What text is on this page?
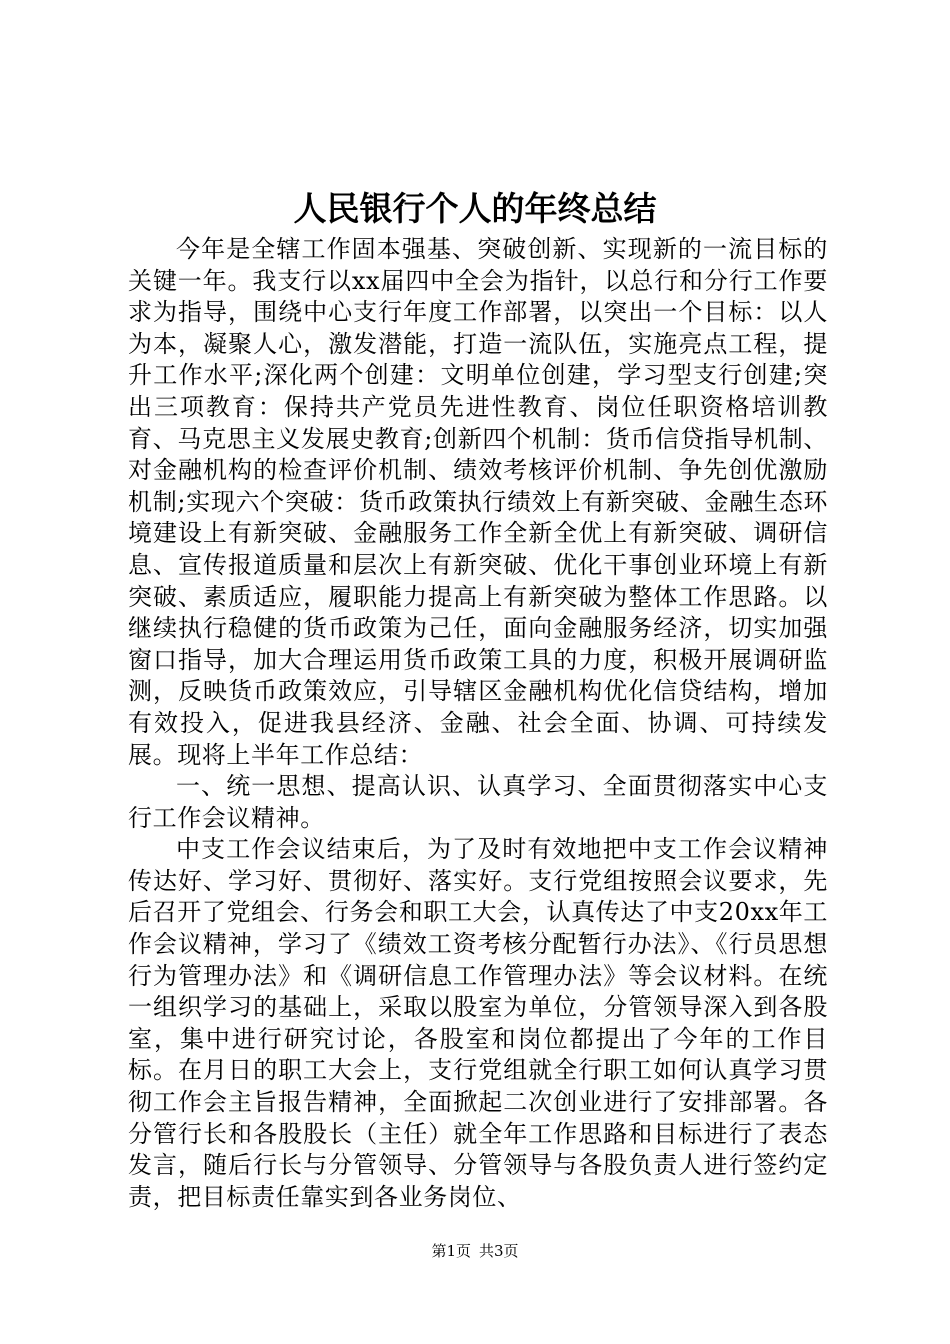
人民银行个人的年终总结

今年是全辖工作固本强基、突破创新、实现新的一流目标的关键一年。我支行以xx届四中全会为指针，以总行和分行工作要求为指导，围绕中心支行年度工作部署，以突出一个目标：以人为本，凝聚人心，激发潜能，打造一流队伍，实施亮点工程，提升工作水平;深化两个创建：文明单位创建，学习型支行创建;突出三项教育：保持共产党员先进性教育、岗位任职资格培训教育、马克思主义发展史教育;创新四个机制：货币信贷指导机制、对金融机构的检查评价机制、绩效考核评价机制、争先创优激励机制;实现六个突破：货币政策执行绩效上有新突破、金融生态环境建设上有新突破、金融服务工作全新全优上有新突破、调研信息、宣传报道质量和层次上有新突破、优化干事创业环境上有新突破、素质适应，履职能力提高上有新突破为整体工作思路。以继续执行稳健的货币政策为己任，面向金融服务经济，切实加强窗口指导，加大合理运用货币政策工具的力度，积极开展调研监测，反映货币政策效应，引导辖区金融机构优化信贷结构，增加有效投入，促进我县经济、金融、社会全面、协调、可持续发展。现将上半年工作总结：

一、统一思想、提高认识、认真学习、全面贯彻落实中心支行工作会议精神。

中支工作会议结束后，为了及时有效地把中支工作会议精神传达好、学习好、贯彻好、落实好。支行党组按照会议要求，先后召开了党组会、行务会和职工大会，认真传达了中支20xx年工作会议精神，学习了《绩效工资考核分配暂行办法》、《行员思想行为管理办法》和《调研信息工作管理办法》等会议材料。在统一组织学习的基础上，采取以股室为单位，分管领导深入到各股室，集中进行研究讨论，各股室和岗位都提出了今年的工作目标。在月日的职工大会上，支行党组就全行职工如何认真学习贯彻工作会主旨报告精神，全面掀起二次创业进行了安排部署。各分管行长和各股股长（主任）就全年工作思路和目标进行了表态发言，随后行长与分管领导、分管领导与各股负责人进行签约定责，把目标责任靠实到各业务岗位、

第1页 共3页
